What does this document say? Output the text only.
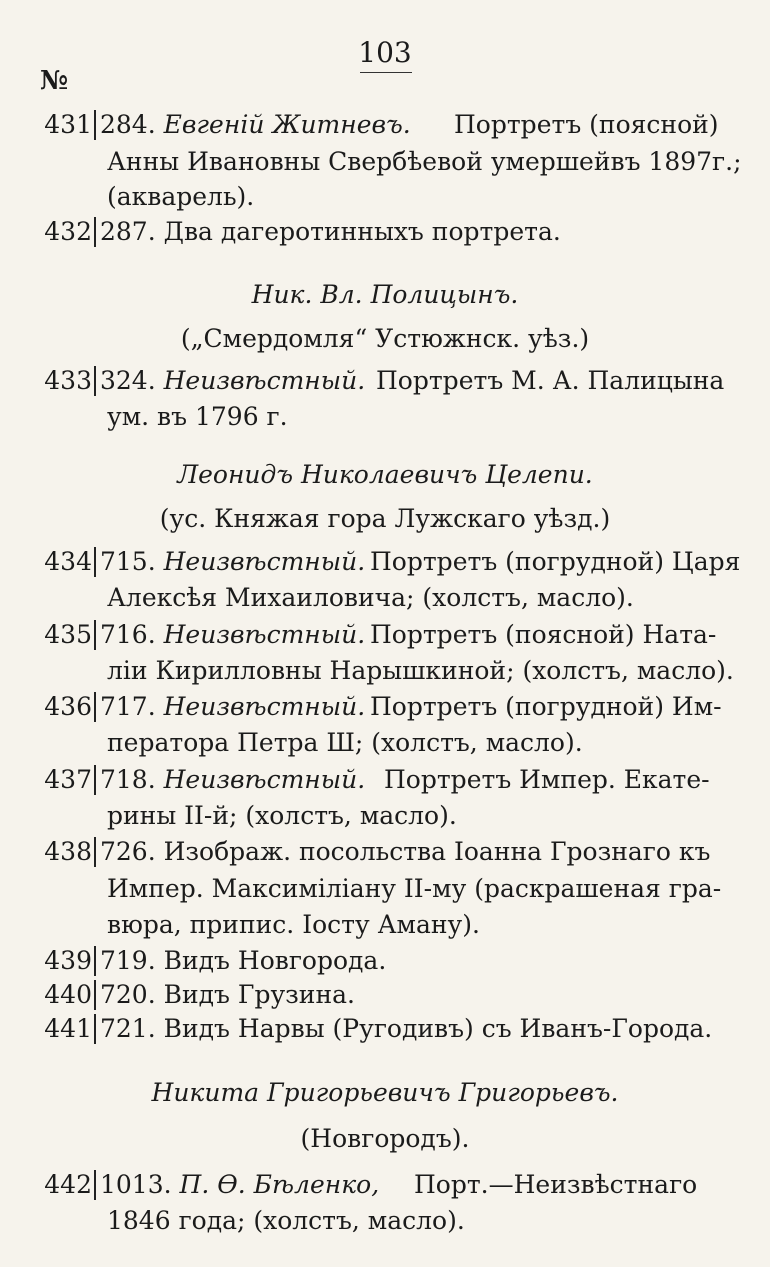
103
№
431 284. Евгеній Житневъ. Портретъ (поясной)
Анны Ивановны Свербѣевой умершейвъ 1897г.;
(акварель).
432 287. Два дагеротинныхъ портрета.
Ник. Вл. Полицынъ.
(„Смердомля“ Устюжнск. уѣз.)
433 324. Неизвѣстный. Портретъ М. А. Палицына
ум. въ 1796 г.
Леонидъ Николаевичъ Целепи.
(ус. Княжая гора Лужскаго уѣзд.)
434 715. Неизвѣстный. Портретъ (погрудной) Царя
Алексѣя Михаиловича; (холстъ, масло).
435 716. Неизвѣстный. Портретъ (поясной) Ната-
ліи Кирилловны Нарышкиной; (холстъ, масло).
436 717. Неизвѣстный. Портретъ (погрудной) Им-
ператора Петра Ш; (холстъ, масло).
437 718. Неизвѣстный. Портретъ Импер. Екате-
рины II-й; (холстъ, масло).
438 726. Изображ. посольства Іоанна Грознаго къ
Импер. Максиміліану II-му (раскрашеная гра-
вюра, припис. Іосту Аману).
439 719. Видъ Новгорода.
440 720. Видъ Грузина.
441 721. Видъ Нарвы (Ругодивъ) съ Иванъ-Города.
Никита Григорьевичъ Григорьевъ.
(Новгородъ).
442 1013. П. Ѳ. Бѣленко, Порт.—Неизвѣстнаго
1846 года; (холстъ, масло).
